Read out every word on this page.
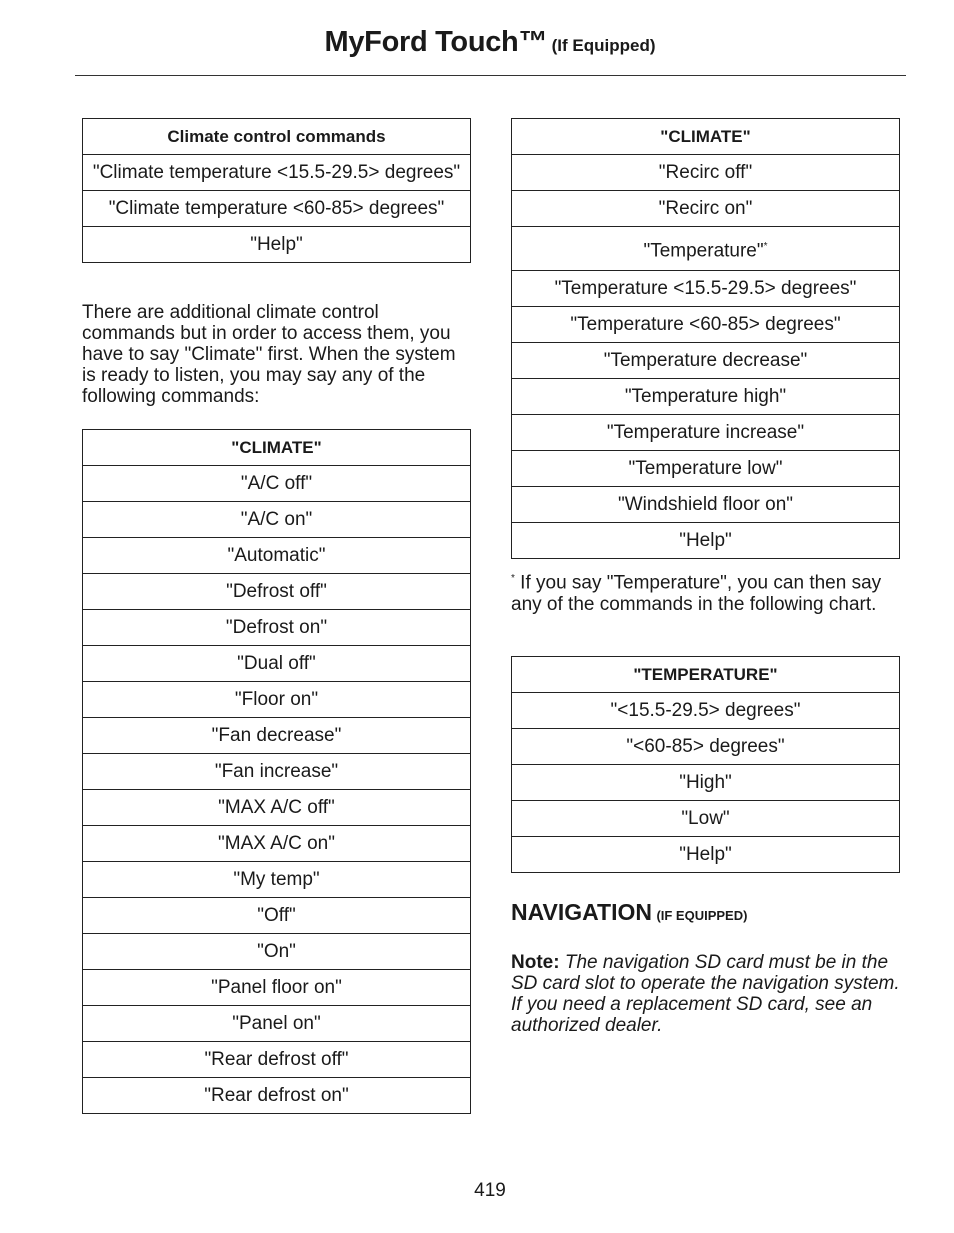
MyFord Touch™ (If Equipped)
Climate control commands
"Climate temperature <15.5-29.5> degrees"
"Climate temperature <60-85> degrees"
"Help"
There are additional climate control commands but in order to access them, you have to say "Climate" first. When the system is ready to listen, you may say any of the following commands:
"CLIMATE"
"A/C off"
"A/C on"
"Automatic"
"Defrost off"
"Defrost on"
"Dual off"
"Floor on"
"Fan decrease"
"Fan increase"
"MAX A/C off"
"MAX A/C on"
"My temp"
"Off"
"On"
"Panel floor on"
"Panel on"
"Rear defrost off"
"Rear defrost on"
"CLIMATE"
"Recirc off"
"Recirc on"
"Temperature"*
"Temperature <15.5-29.5> degrees"
"Temperature <60-85> degrees"
"Temperature decrease"
"Temperature high"
"Temperature increase"
"Temperature low"
"Windshield floor on"
"Help"
* If you say "Temperature", you can then say any of the commands in the following chart.
"TEMPERATURE"
"<15.5-29.5> degrees"
"<60-85> degrees"
"High"
"Low"
"Help"
NAVIGATION (IF EQUIPPED)
Note: The navigation SD card must be in the SD card slot to operate the navigation system. If you need a replacement SD card, see an authorized dealer.
419
